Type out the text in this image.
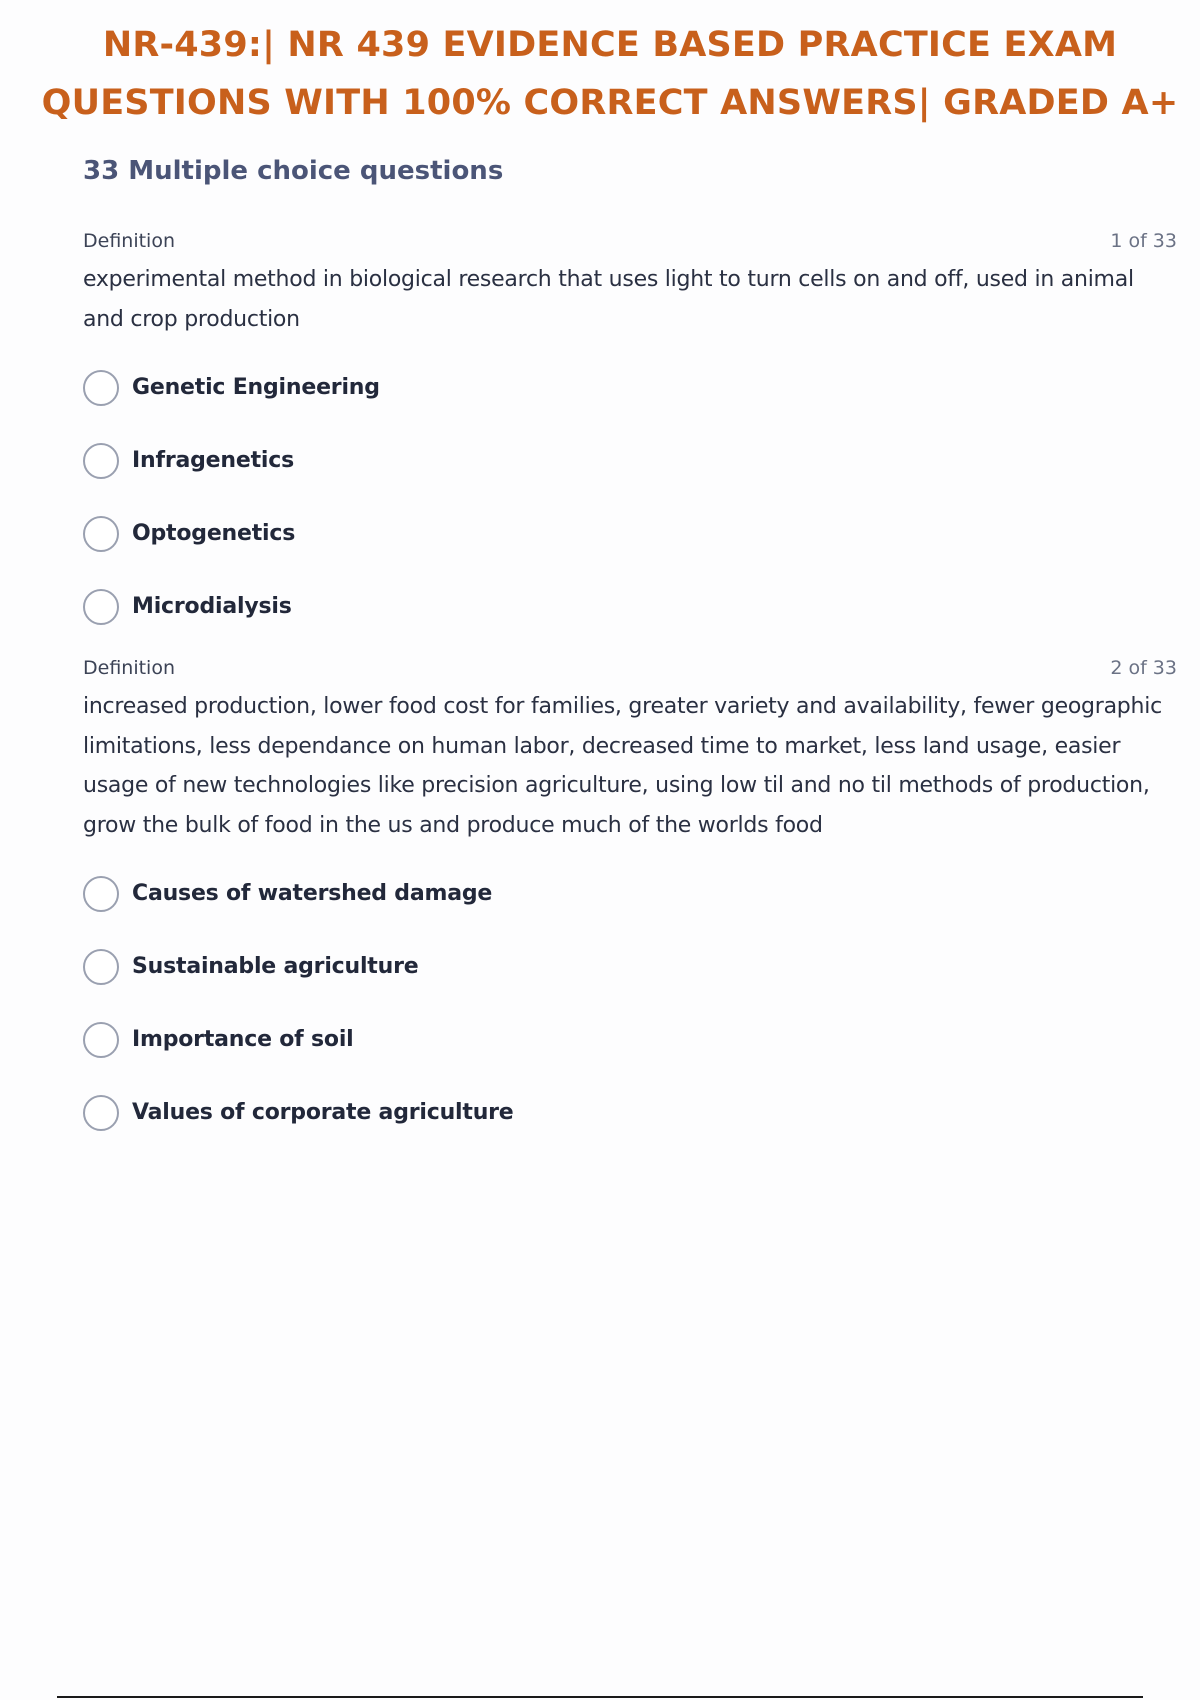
NR-439:| NR 439 EVIDENCE BASED PRACTICE EXAM
QUESTIONS WITH 100% CORRECT ANSWERS| GRADED A+
33 Multiple choice questions
Definition	1 of 33

experimental method in biological research that uses light to turn cells on and off, used in animal and crop production

Genetic Engineering
Infragenetics
Optogenetics
Microdialysis
Definition	2 of 33

increased production, lower food cost for families, greater variety and availability, fewer geographic limitations, less dependance on human labor, decreased time to market, less land usage, easier usage of new technologies like precision agriculture, using low til and no til methods of production, grow the bulk of food in the us and produce much of the worlds food

Causes of watershed damage
Sustainable agriculture
Importance of soil
Values of corporate agriculture
